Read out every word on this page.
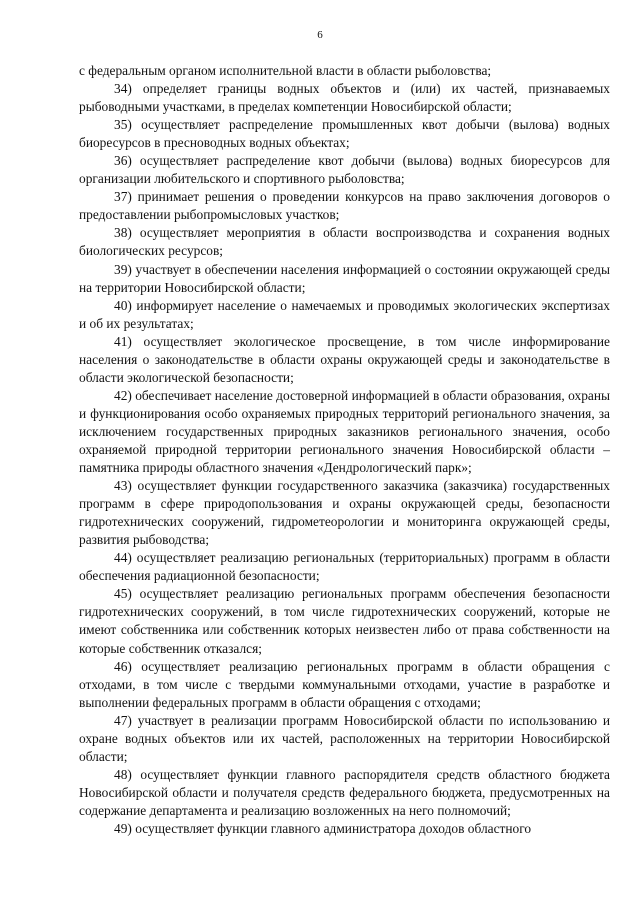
6

с федеральным органом исполнительной власти в области рыболовства;

34) определяет границы водных объектов и (или) их частей, признаваемых рыбоводными участками, в пределах компетенции Новосибирской области;

35) осуществляет распределение промышленных квот добычи (вылова) водных биоресурсов в пресноводных водных объектах;

36) осуществляет распределение квот добычи (вылова) водных биоресурсов для организации любительского и спортивного рыболовства;

37) принимает решения о проведении конкурсов на право заключения договоров о предоставлении рыбопромысловых участков;

38) осуществляет мероприятия в области воспроизводства и сохранения водных биологических ресурсов;

39) участвует в обеспечении населения информацией о состоянии окружающей среды на территории Новосибирской области;

40) информирует население о намечаемых и проводимых экологических экспертизах и об их результатах;

41) осуществляет экологическое просвещение, в том числе информирование населения о законодательстве в области охраны окружающей среды и законодательстве в области экологической безопасности;

42) обеспечивает население достоверной информацией в области образования, охраны и функционирования особо охраняемых природных территорий регионального значения, за исключением государственных природных заказников регионального значения, особо охраняемой природной территории регионального значения Новосибирской области – памятника природы областного значения «Дендрологический парк»;

43) осуществляет функции государственного заказчика (заказчика) государственных программ в сфере природопользования и охраны окружающей среды, безопасности гидротехнических сооружений, гидрометеорологии и мониторинга окружающей среды, развития рыбоводства;

44) осуществляет реализацию региональных (территориальных) программ в области обеспечения радиационной безопасности;

45) осуществляет реализацию региональных программ обеспечения безопасности гидротехнических сооружений, в том числе гидротехнических сооружений, которые не имеют собственника или собственник которых неизвестен либо от права собственности на которые собственник отказался;

46) осуществляет реализацию региональных программ в области обращения с отходами, в том числе с твердыми коммунальными отходами, участие в разработке и выполнении федеральных программ в области обращения с отходами;

47) участвует в реализации программ Новосибирской области по использованию и охране водных объектов или их частей, расположенных на территории Новосибирской области;

48) осуществляет функции главного распорядителя средств областного бюджета Новосибирской области и получателя средств федерального бюджета, предусмотренных на содержание департамента и реализацию возложенных на него полномочий;

49) осуществляет функции главного администратора доходов областного
